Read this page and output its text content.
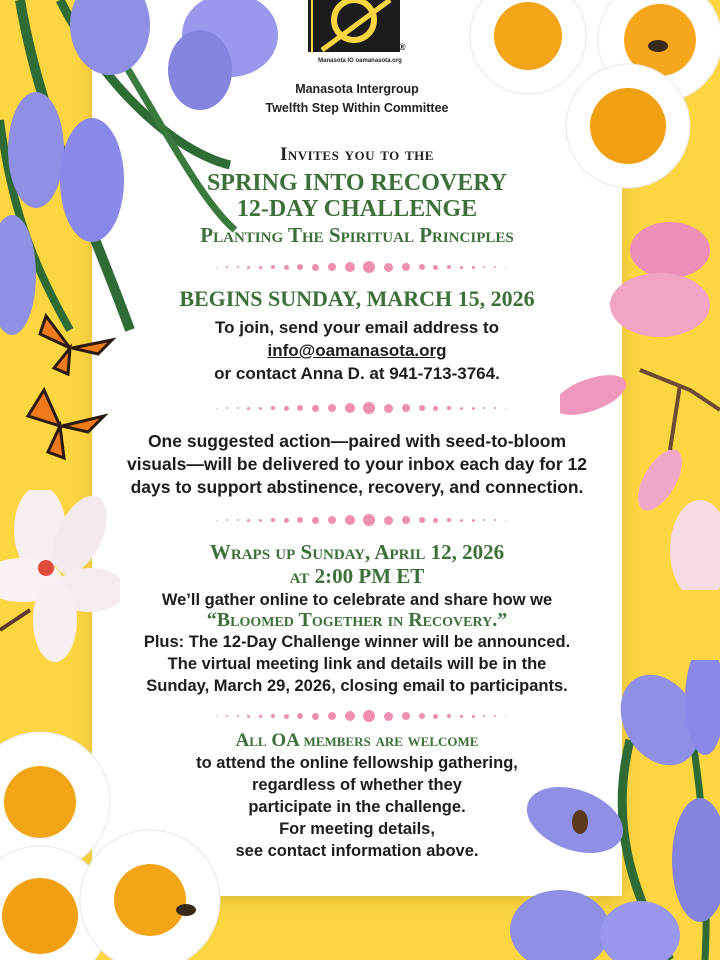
®
Manasota IG oamanasota.org
Manasota Intergroup
Twelfth Step Within Committee
Invites you to the
SPRING INTO RECOVERY
12-DAY CHALLENGE
Planting The Spiritual Principles
BEGINS SUNDAY, MARCH 15, 2026
To join, send your email address to
info@oamanasota.org
or contact Anna D. at 941-713-3764.
One suggested action—paired with seed-to-bloom
visuals—will be delivered to your inbox each day for 12
days to support abstinence, recovery, and connection.
Wraps up Sunday, April 12, 2026
at 2:00 PM ET
We’ll gather online to celebrate and share how we
“Bloomed Together in Recovery.”
Plus: The 12-Day Challenge winner will be announced.
The virtual meeting link and details will be in the
Sunday, March 29, 2026, closing email to participants.
All OA members are welcome
to attend the online fellowship gathering,
regardless of whether they
participate in the challenge.
For meeting details,
see contact information above.
